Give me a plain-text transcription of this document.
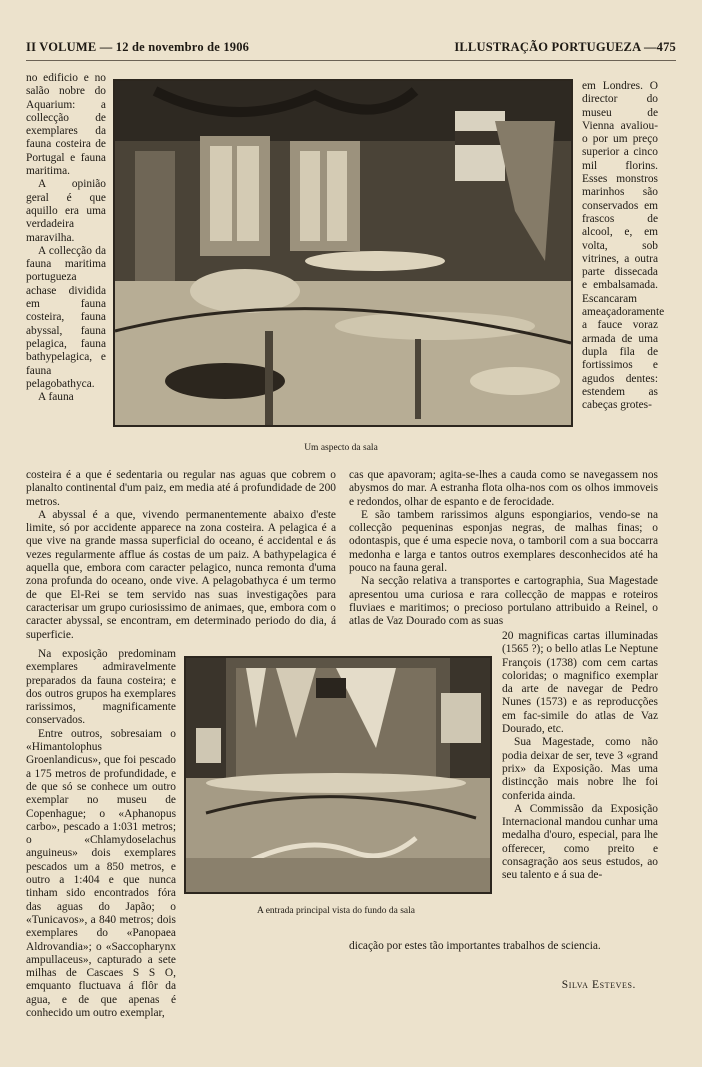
II VOLUME — 12 de novembro de 1906	ILLUSTRAÇÃO PORTUGUEZA —475

no edificio e no salão nobre do Aquarium: a collecção de exemplares da fauna costeira de Portugal e fauna maritima.

A opinião geral é que aquillo era uma verdadeira maravilha.

A collecção da fauna maritima portugueza achase dividida em fauna costeira, fauna abyssal, fauna pelagica, fauna bathypelagica, e fauna pelagobathyca.

A fauna

Um aspecto da sala

em Londres. O director do museu de Vienna avaliou-o por um preço superior a cinco mil florins. Esses monstros marinhos são conservados em frascos de alcool, e, em volta, sob vitrines, a outra parte dissecada e embalsamada. Escancaram ameaçadoramente a fauce voraz armada de uma dupla fila de fortissimos e agudos dentes: estendem as cabeças grotes-

costeira é a que é sedentaria ou regular nas aguas que cobrem o planalto continental d'um paiz, em media até á profundidade de 200 metros.

A abyssal é a que, vivendo permanentemente abaixo d'este limite, só por accidente apparece na zona costeira. A pelagica é a que vive na grande massa superficial do oceano, é accidental e ás vezes regularmente afflue ás costas de um paiz. A bathypelagica é aquella que, embora com caracter pelagico, nunca remonta d'uma zona profunda do oceano, onde vive. A pelagobathyca é um termo de que El-Rei se tem servido nas suas investigações para caracterisar um grupo curiosissimo de animaes, que, embora com o caracter abyssal, se encontram, em determinado periodo do dia, á superficie.

cas que apavoram; agita-se-lhes a cauda como se navegassem nos abysmos do mar. A estranha flota olha-nos com os olhos immoveis e redondos, olhar de espanto e de ferocidade.

E são tambem rarissimos alguns espongiarios, vendo-se na collecção pequeninas esponjas negras, de malhas finas; o odontaspis, que é uma especie nova, o tamboril com a sua boccarra medonha e larga e tantos outros exemplares desconhecidos até ha pouco na fauna geral.

Na secção relativa a transportes e cartographia, Sua Magestade apresentou uma curiosa e rara collecção de mappas e roteiros fluviaes e maritimos; o precioso portulano attribuido a Reinel, o atlas de Vaz Dourado com as suas

Na exposição predominam exemplares admiravelmente preparados da fauna costeira; e dos outros grupos ha exemplares rarissimos, magnificamente conservados.

Entre outros, sobresaiam o «Himantolophus Groenlandicus», que foi pescado a 175 metros de profundidade, e de que só se conhece um outro exemplar no museu de Copenhague; o «Aphanopus carbo», pescado a 1:031 metros; o «Chlamydoselachus anguineus» dois exemplares pescados um a 850 metros, e outro a 1:404 e que nunca tinham sido encontrados fóra das aguas do Japão; o «Tunicavos», a 840 metros; dois exemplares do «Panopaea Aldrovandia»; o «Saccopharynx ampullaceus», capturado a sete milhas de Cascaes S S O, emquanto fluctuava á flôr da agua, e de que apenas é conhecido um outro exemplar,

A entrada principal vista do fundo da sala

20 magnificas cartas illuminadas (1565 ?); o bello atlas Le Neptune François (1738) com cem cartas coloridas; o magnifico exemplar da arte de navegar de Pedro Nunes (1573) e as reproducções em fac-simile do atlas de Vaz Dourado, etc.

Sua Magestade, como não podia deixar de ser, teve 3 «grand prix» da Exposição. Mas uma distincção mais nobre lhe foi conferida ainda.

A Commissão da Exposição Internacional mandou cunhar uma medalha d'ouro, especial, para lhe offerecer, como preito e consagração aos seus estudos, ao seu talento e á sua de-

dicação por estes tão importantes trabalhos de sciencia.

Silva Esteves.
